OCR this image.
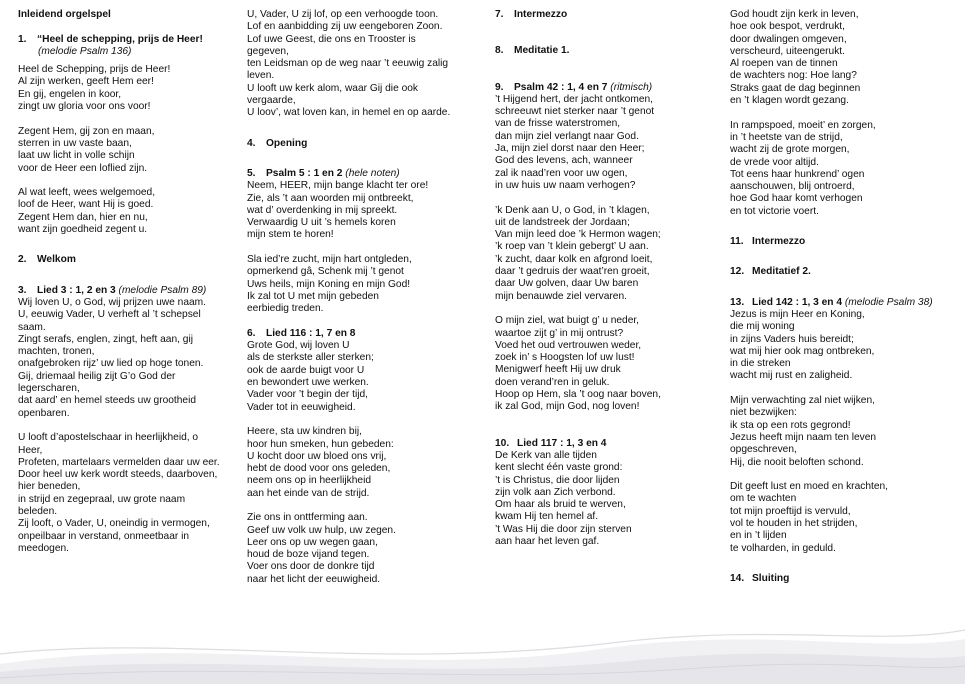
Inleidend orgelspel
1. “Heel de schepping, prijs de Heer!
(melodie Psalm 136)
Heel de Schepping, prijs de Heer!
Al zijn werken, geeft Hem eer!
En gij, engelen in koor,
zingt uw gloria voor ons voor!
Zegent Hem, gij zon en maan,
sterren in uw vaste baan,
laat uw licht in volle schijn
voor de Heer een loflied zijn.
Al wat leeft, wees welgemoed,
loof de Heer, want Hij is goed.
Zegent Hem dan, hier en nu,
want zijn goedheid zegent u.
2. Welkom
3. Lied 3 : 1, 2 en 3 (melodie Psalm 89)
Wij loven U, o God, wij prijzen uwe naam.
U, eeuwig Vader, U verheft al ’t schepsel
saam.
Zingt serafs, englen, zingt, heft aan, gij
machten, tronen,
onafgebroken rijz’ uw lied op hoge tonen.
Gij, driemaal heilig zijt G’o God der
legerscharen,
dat aard’ en hemel steeds uw grootheid
openbaren.
U looft d’apostelschaar in heerlijkheid, o
Heer,
Profeten, martelaars vermelden daar uw eer.
Door heel uw kerk wordt steeds, daarboven,
hier beneden,
in strijd en zegepraal, uw grote naam
beleden.
Zij looft, o Vader, U, oneindig in vermogen,
onpeilbaar in verstand, onmeetbaar in
meedogen.
U, Vader, U zij lof, op een verhoogde toon.
Lof en aanbidding zij uw eengeboren Zoon.
Lof uwe Geest, die ons en Trooster is
gegeven,
ten Leidsman op de weg naar ’t eeuwig zalig
leven.
U looft uw kerk alom, waar Gij die ook
vergaarde,
U loov’, wat loven kan, in hemel en op aarde.
4. Opening
5. Psalm 5 : 1 en 2 (hele noten)
Neem, HEER, mijn bange klacht ter ore!
Zie, als ’t aan woorden mij ontbreekt,
wat d’ overdenking in mij spreekt.
Verwaardig U uit ’s hemels koren
mijn stem te horen!
Sla ied’re zucht, mijn hart ontgleden,
opmerkend gâ, Schenk mij ’t genot
Uws heils, mijn Koning en mijn God!
Ik zal tot U met mijn gebeden
eerbiedig treden.
6. Lied 116 : 1, 7 en 8
Grote God, wij loven U
als de sterkste aller sterken;
ook de aarde buigt voor U
en bewondert uwe werken.
Vader voor ’t begin der tijd,
Vader tot in eeuwigheid.
Heere, sta uw kindren bij,
hoor hun smeken, hun gebeden:
U kocht door uw bloed ons vrij,
hebt de dood voor ons geleden,
neem ons op in heerlijkheid
aan het einde van de strijd.
Zie ons in onttferming aan.
Geef uw volk uw hulp, uw zegen.
Leer ons op uw wegen gaan,
houd de boze vijand tegen.
Voer ons door de donkre tijd
naar het licht der eeuwigheid.
7. Intermezzo
8. Meditatie 1.
9. Psalm 42 : 1, 4 en 7 (ritmisch)
’t Hijgend hert, der jacht ontkomen,
schreeuwt niet sterker naar ’t genot
van de frisse waterstromen,
dan mijn ziel verlangt naar God.
Ja, mijn ziel dorst naar den Heer;
God des levens, ach, wanneer
zal ik naad’ren voor uw ogen,
in uw huis uw naam verhogen?
’k Denk aan U, o God, in ’t klagen,
uit de landstreek der Jordaan;
Van mijn leed doe ’k Hermon wagen;
’k roep van ’t klein gebergt’ U aan.
’k zucht, daar kolk en afgrond loeit,
daar ’t gedruis der waat’ren groeit,
daar Uw golven, daar Uw baren
mijn benauwde ziel vervaren.
O mijn ziel, wat buigt g’ u neder,
waartoe zijt g’ in mij ontrust?
Voed het oud vertrouwen weder,
zoek in’ s Hoogsten lof uw lust!
Menigwerf heeft Hij uw druk
doen verand’ren in geluk.
Hoop op Hem, sla ’t oog naar boven,
ik zal God, mijn God, nog loven!
10. Lied 117 : 1, 3 en 4
De Kerk van alle tijden
kent slecht één vaste grond:
’t is Christus, die door lijden
zijn volk aan Zich verbond.
Om haar als bruid te werven,
kwam Hij ten hemel af.
’t Was Hij die door zijn sterven
aan haar het leven gaf.
God houdt zijn kerk in leven,
hoe ook bespot, verdrukt,
door dwalingen omgeven,
verscheurd, uiteengerukt.
Al roepen van de tinnen
de wachters nog: Hoe lang?
Straks gaat de dag beginnen
en ’t klagen wordt gezang.
In rampspoed, moeit’ en zorgen,
in ’t heetste van de strijd,
wacht zij de grote morgen,
de vrede voor altijd.
Tot eens haar hunkrend’ ogen
aanschouwen, blij ontroerd,
hoe God haar komt verhogen
en tot victorie voert.
11. Intermezzo
12. Meditatief 2.
13. Lied 142 : 1, 3 en 4 (melodie Psalm 38)
Jezus is mijn Heer en Koning,
die mij woning
in zijns Vaders huis bereidt;
wat mij hier ook mag ontbreken,
in die streken
wacht mij rust en zaligheid.
Mijn verwachting zal niet wijken,
niet bezwijken:
ik sta op een rots gegrond!
Jezus heeft mijn naam ten leven
opgeschreven,
Hij, die nooit beloften schond.
Dit geeft lust en moed en krachten,
om te wachten
tot mijn proeftijd is vervuld,
vol te houden in het strijden,
en in ’t lijden
te volharden, in geduld.
14. Sluiting
